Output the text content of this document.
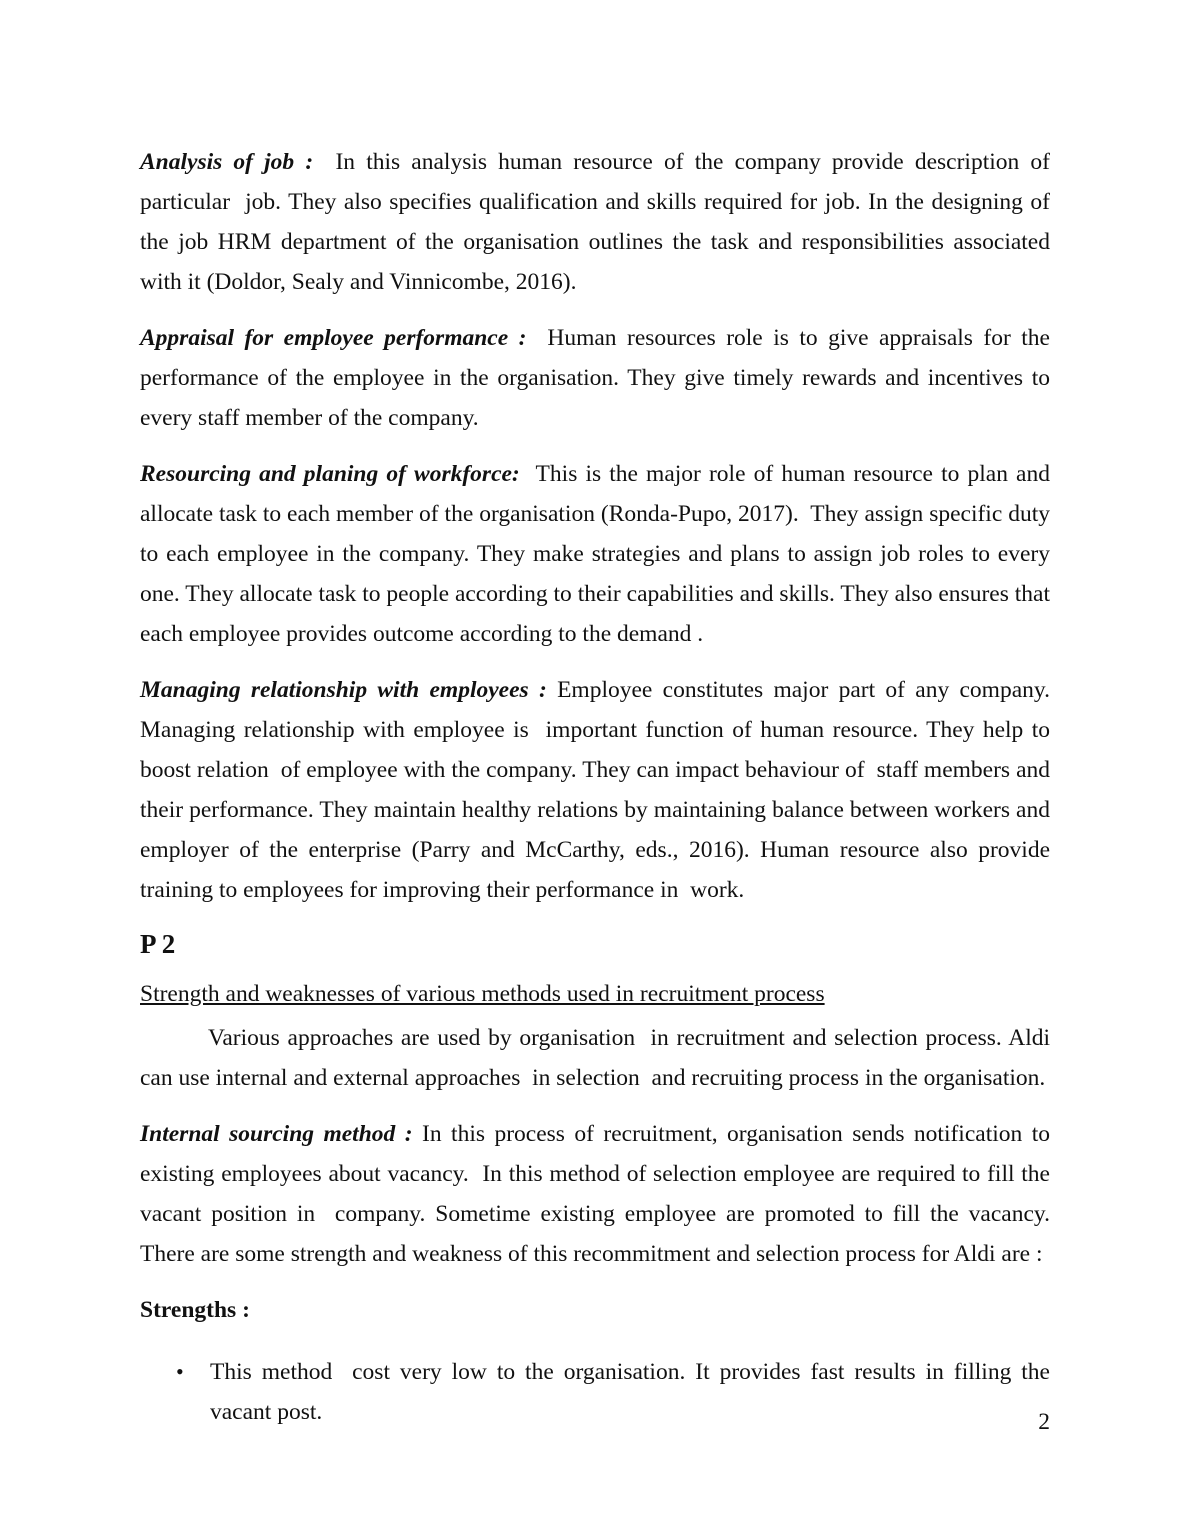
Analysis of job :  In this analysis human resource of the company provide description of particular  job. They also specifies qualification and skills required for job. In the designing of the job HRM department of the organisation outlines the task and responsibilities associated with it (Doldor, Sealy and Vinnicombe, 2016).

Appraisal for employee performance :  Human resources role is to give appraisals for the performance of the employee in the organisation. They give timely rewards and incentives to every staff member of the company.

Resourcing and planing of workforce:  This is the major role of human resource to plan and allocate task to each member of the organisation (Ronda-Pupo, 2017).  They assign specific duty to each employee in the company. They make strategies and plans to assign job roles to every one. They allocate task to people according to their capabilities and skills. They also ensures that each employee provides outcome according to the demand .

Managing relationship with employees : Employee constitutes major part of any company. Managing relationship with employee is  important function of human resource. They help to boost relation  of employee with the company. They can impact behaviour of  staff members and their performance. They maintain healthy relations by maintaining balance between workers and employer of the enterprise (Parry and McCarthy, eds., 2016). Human resource also provide training to employees for improving their performance in  work.

P 2
Strength and weaknesses of various methods used in recruitment process

Various approaches are used by organisation  in recruitment and selection process. Aldi can use internal and external approaches  in selection  and recruiting process in the organisation.

Internal sourcing method : In this process of recruitment, organisation sends notification to existing employees about vacancy.  In this method of selection employee are required to fill the vacant position in  company. Sometime existing employee are promoted to fill the vacancy. There are some strength and weakness of this recommitment and selection process for Aldi are :

Strengths :
• This method  cost very low to the organisation. It provides fast results in filling the vacant post.	2
